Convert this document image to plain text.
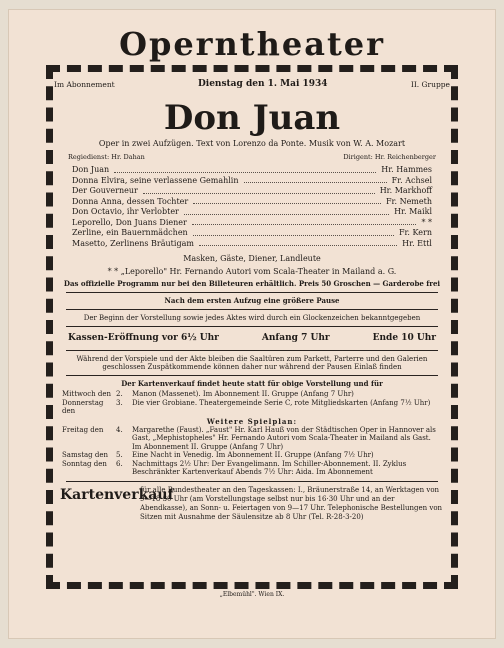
Operntheater
Im Abonnement	Dienstag den 1. Mai 1934	II. Gruppe
Don Juan
Oper in zwei Aufzügen. Text von Lorenzo da Ponte. Musik von W. A. Mozart
Regiedienst: Hr. Dahan	Dirigent: Hr. Reichenberger
Don Juan	Hr. Hammes
Donna Elvira, seine verlassene Gemahlin	Fr. Achsel
Der Gouverneur	Hr. Markhoff
Donna Anna, dessen Tochter	Fr. Nemeth
Don Octavio, ihr Verlobter	Hr. Maikl
Leporello, Don Juans Diener	* *
Zerline, ein Bauernmädchen	Fr. Kern
Masetto, Zerlinens Bräutigam	Hr. Ettl
Masken, Gäste, Diener, Landleute
* * „Leporello" Hr. Fernando Autori vom Scala-Theater in Mailand a. G.
Das offizielle Programm nur bei den Billeteuren erhältlich. Preis 50 Groschen — Garderobe frei
Nach dem ersten Aufzug eine größere Pause
Der Beginn der Vorstellung sowie jedes Aktes wird durch ein Glockenzeichen bekanntgegeben
Kassen-Eröffnung vor 6½ Uhr	Anfang 7 Uhr	Ende 10 Uhr
Während der Vorspiele und der Akte bleiben die Saaltüren zum Parkett, Parterre und den Galerien geschlossen Zuspätkommende können daher nur während der Pausen Einlaß finden
Der Kartenverkauf findet heute statt für obige Vorstellung und für
Mittwoch den 2.	Manon (Massenet). Im Abonnement II. Gruppe (Anfang 7 Uhr)
Donnerstag den
3.	Die vier Grobiane. Theatergemeinde Serie C, rote Mitgliedskarten (Anfang 7½ Uhr)
Weitere Spielplan:
Freitag den	4.	Margarethe (Faust). „Faust" Hr. Karl Hauß von der Städtischen Oper in Hannover als Gast, „Mephistopheles" Hr. Fernando Autori vom Scala-Theater in Mailand als Gast. Im Abonnement II. Gruppe (Anfang 7 Uhr)
Samstag den	5.	Eine Nacht in Venedig. Im Abonnement II. Gruppe (Anfang 7½ Uhr)
Sonntag den	6.	Nachmittags 2½ Uhr: Der Evangelimann. Im Schiller-Abonnement. II. Zyklus Beschränkter Kartenverkauf Abends 7½ Uhr: Aida. Im Abonnement
Kartenverkauf
für alle Bundestheater an den Tageskassen: I., Bräunerstraße 14, an Werktagen von 9—18·30 Uhr (am Vorstellungstage selbst nur bis 16·30 Uhr und an der Abendkasse), an Sonn- u. Feiertagen von 9—17 Uhr. Telephonische Bestellungen von Sitzen mit Ausnahme der Säulensitze ab 8 Uhr (Tel. R-28-3-20)
„Elbemühl". Wien IX.
